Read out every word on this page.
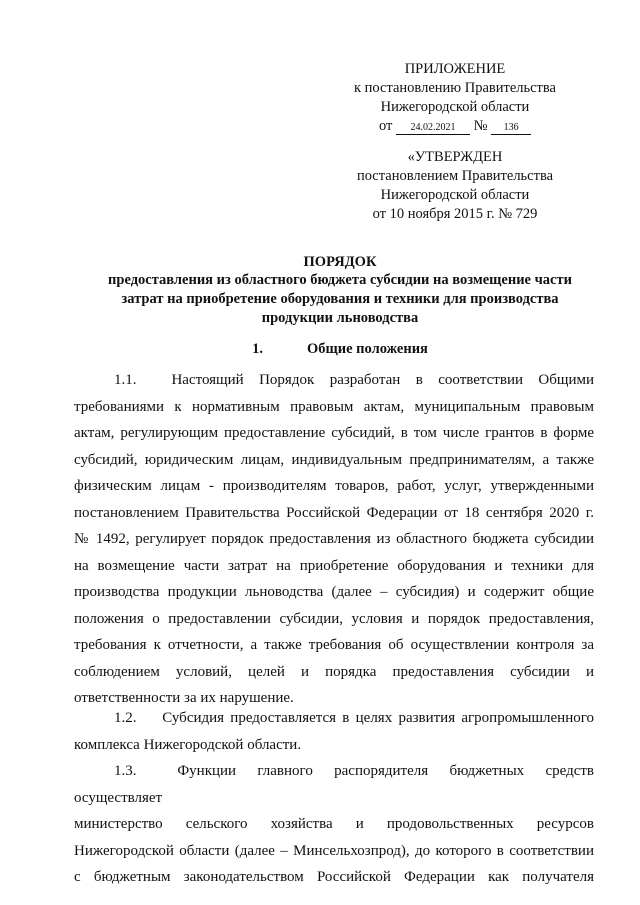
ПРИЛОЖЕНИЕ
к постановлению Правительства
Нижегородской области
от 24.02.2021 № 136
«УТВЕРЖДЕН
постановлением Правительства
Нижегородской области
от 10 ноября 2015 г. № 729
ПОРЯДОК
предоставления из областного бюджета субсидии на возмещение части
затрат на приобретение оборудования и техники для производства
продукции льноводства
1.	Общие положения

1.1. Настоящий Порядок разработан в соответствии Общими

требованиями к нормативным правовым актам, муниципальным правовым

актам, регулирующим предоставление субсидий, в том числе грантов в форме

субсидий, юридическим лицам, индивидуальным предпринимателям, а также

физическим лицам - производителям товаров, работ, услуг, утвержденными

постановлением Правительства Российской Федерации от 18 сентября 2020 г.

№ 1492, регулирует порядок предоставления из областного бюджета субсидии

на возмещение части затрат на приобретение оборудования и техники для

производства продукции льноводства (далее – субсидия) и содержит общие

положения о предоставлении субсидии, условия и порядок предоставления,

требования к отчетности, а также требования об осуществлении контроля за

соблюдением условий, целей и порядка предоставления субсидии и

ответственности за их нарушение.

1.2. Субсидия предоставляется в целях развития агропромышленного

комплекса Нижегородской области.

1.3.	Функции главного распорядителя бюджетных средств осуществляет

министерство сельского хозяйства и продовольственных ресурсов

Нижегородской области (далее – Минсельхозпрод), до которого в соответствии

с бюджетным законодательством Российской Федерации как получателя
